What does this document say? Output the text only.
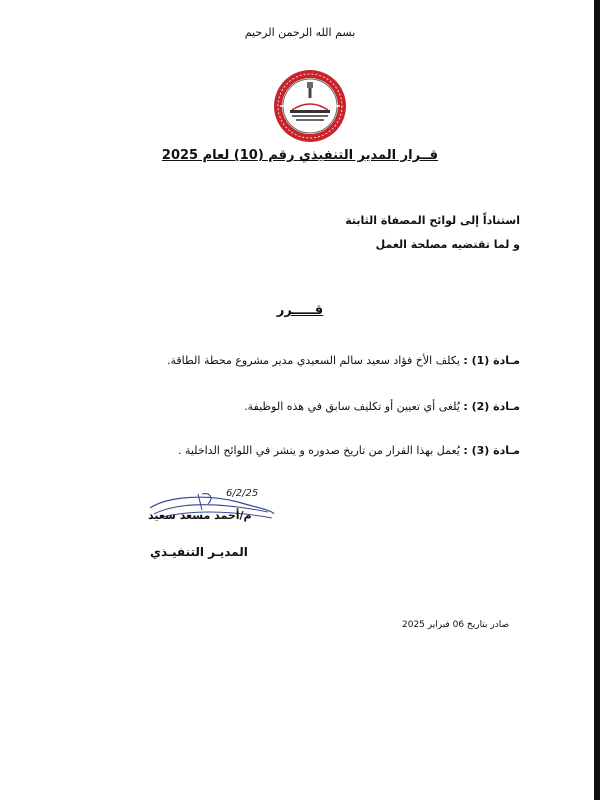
بسم الله الرحمن الرحيم
قــرار المدير التنفيذي رقم (10) لعام 2025
استناداً إلى لوائح المصفاة الثابتة
و لما تقتضيه مصلحة العمل
قـــــرر
مـادة (1) : يكلف الأخ فؤاد سعيد سالم السعيدي مدير مشروع محطة الطاقة.
مـادة (2) : يُلغى أي تعيين أو تكليف سابق في هذه الوظيفة.
مـادة (3) : يُعمل بهذا القرار من تاريخ صدوره و ينشر في اللوائح الداخلية .
6/2/25
م/أحمد مسعد سعيد
المديـر التنفيـذي
صادر بتاريخ 06 فبراير 2025
